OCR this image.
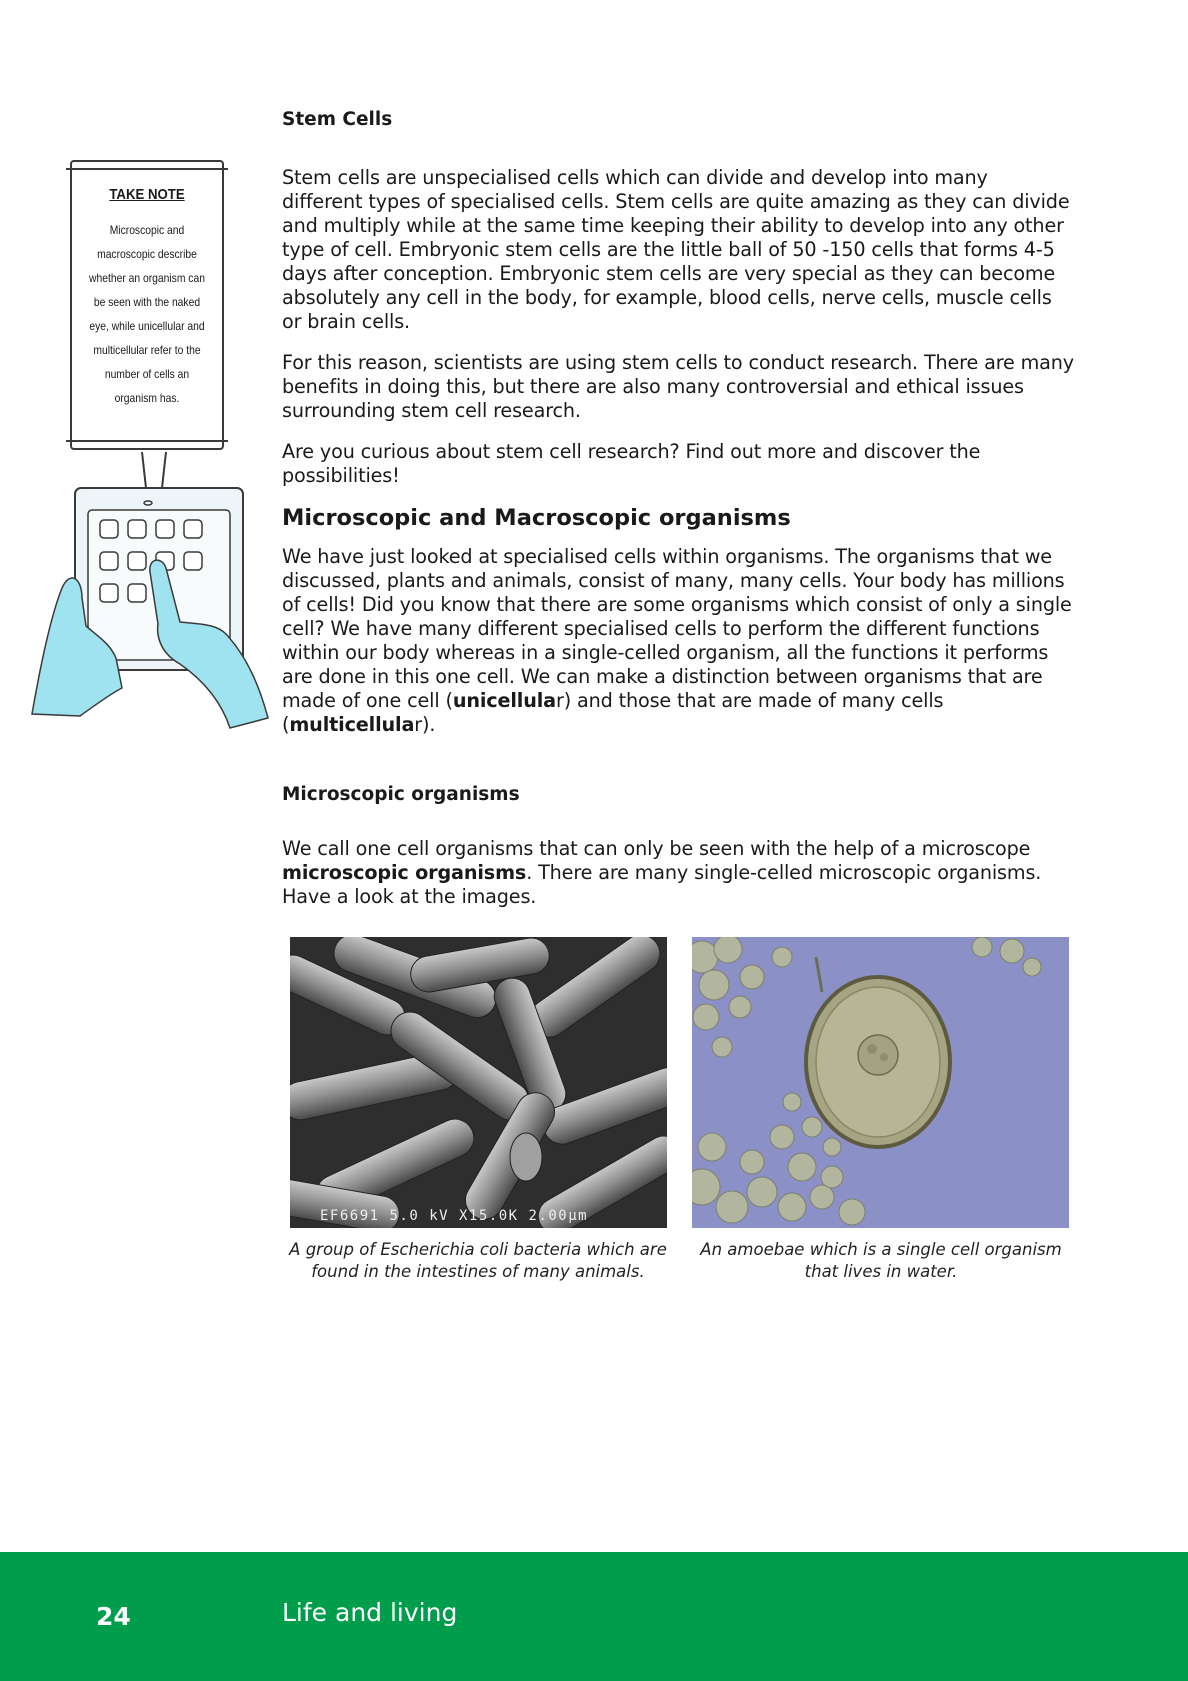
TAKE NOTE
Microscopic and macroscopic describe whether an organism can be seen with the naked eye, while unicellular and multicellular refer to the number of cells an organism has.
Stem Cells

Stem cells are unspecialised cells which can divide and develop into many different types of specialised cells. Stem cells are quite amazing as they can divide and multiply while at the same time keeping their ability to develop into any other type of cell. Embryonic stem cells are the little ball of 50 -150 cells that forms 4-5 days after conception. Embryonic stem cells are very special as they can become absolutely any cell in the body, for example, blood cells, nerve cells, muscle cells or brain cells.

For this reason, scientists are using stem cells to conduct research. There are many benefits in doing this, but there are also many controversial and ethical issues surrounding stem cell research.

Are you curious about stem cell research? Find out more and discover the possibilities!

Microscopic and Macroscopic organisms

We have just looked at specialised cells within organisms. The organisms that we discussed, plants and animals, consist of many, many cells. Your body has millions of cells! Did you know that there are some organisms which consist of only a single cell? We have many different specialised cells to perform the different functions within our body whereas in a single-celled organism, all the functions it performs are done in this one cell. We can make a distinction between organisms that are made of one cell (unicellular) and those that are made of many cells (multicellular).

Microscopic organisms

We call one cell organisms that can only be seen with the help of a microscope microscopic organisms. There are many single-celled microscopic organisms. Have a look at the images.

EF6691 5.0 kV X15.0K 2.00µm
A group of Escherichia coli bacteria which are found in the intestines of many animals.
An amoebae which is a single cell organism that lives in water.
24	Life and living
